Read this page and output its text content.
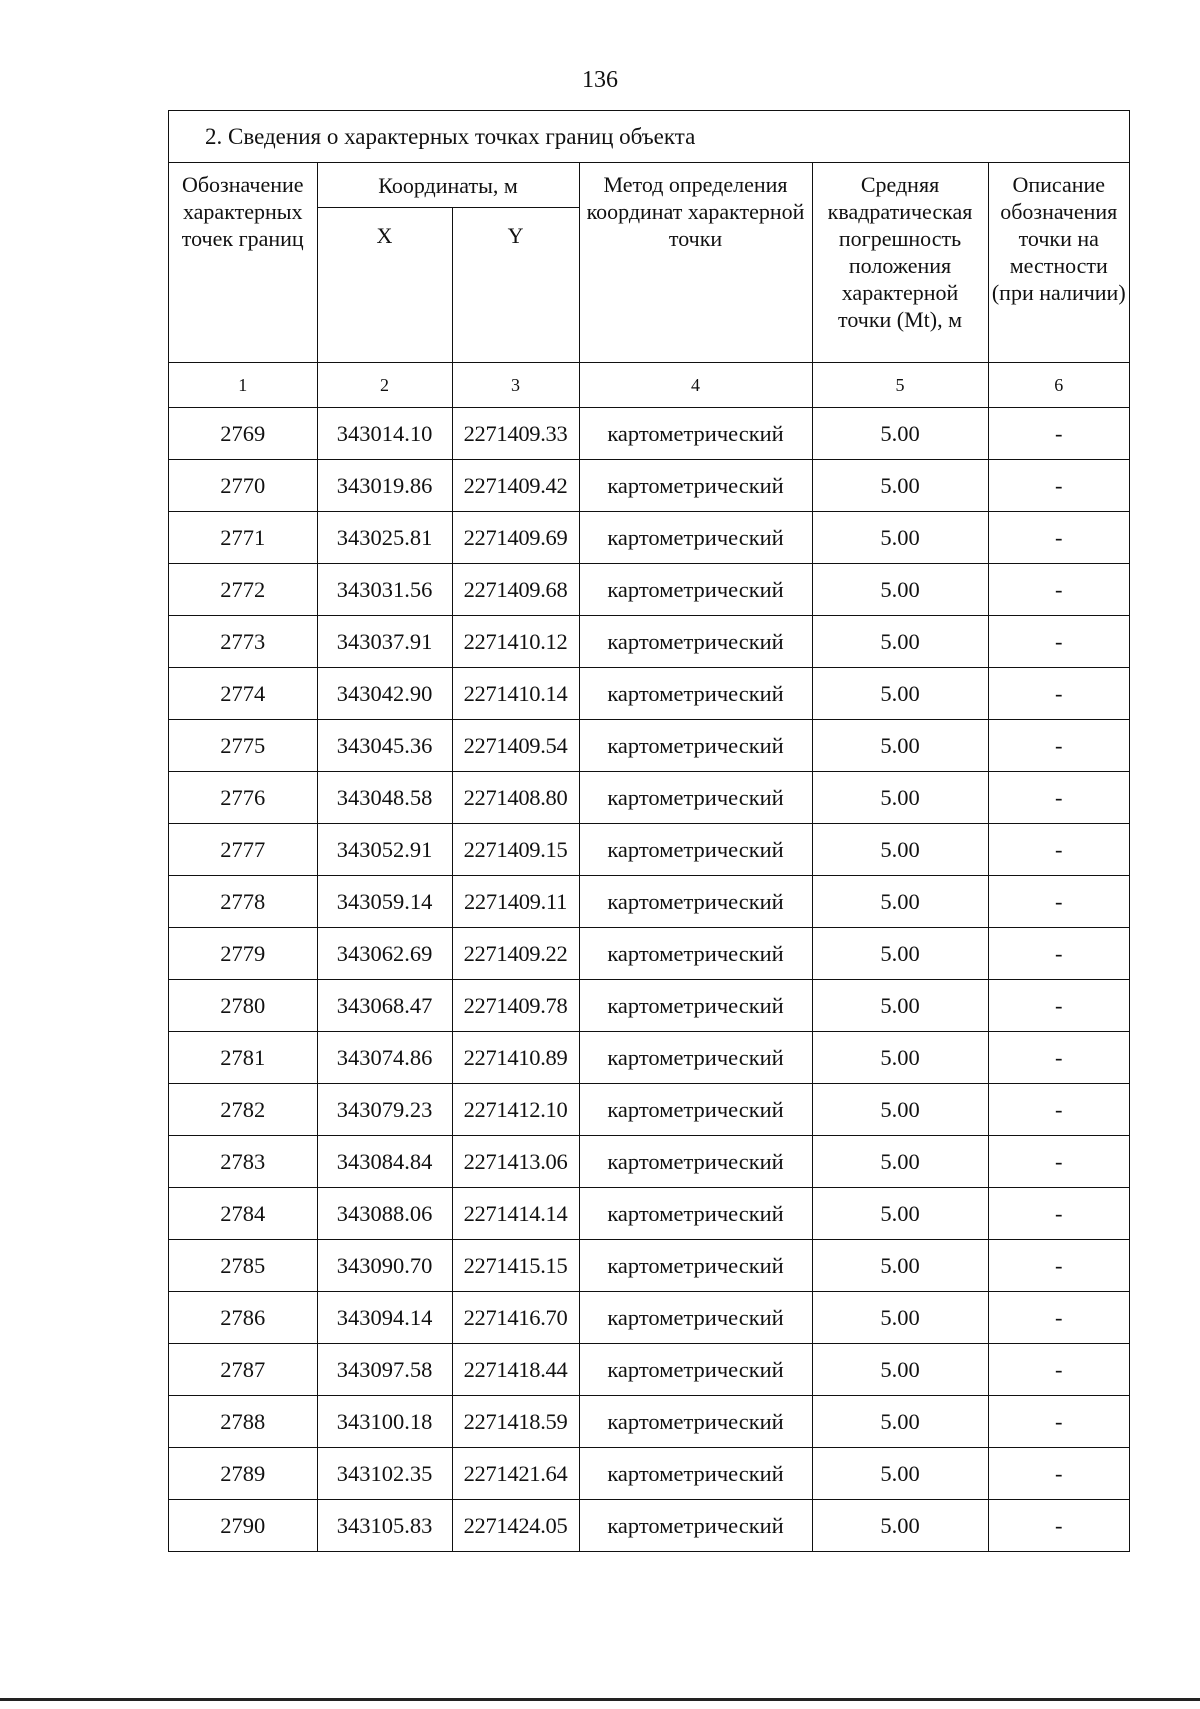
136
2. Сведения о характерных точках границ объекта
Обозначение характерных точек границ	Координаты, м		Метод определения координат характерной точки	Средняя квадратическая погрешность положения характерной точки (Mt), м	Описание обозначения точки на местности (при наличии)
	X	Y			
1	2	3	4	5	6
2769	343014.10	2271409.33	картометрический	5.00	-
2770	343019.86	2271409.42	картометрический	5.00	-
2771	343025.81	2271409.69	картометрический	5.00	-
2772	343031.56	2271409.68	картометрический	5.00	-
2773	343037.91	2271410.12	картометрический	5.00	-
2774	343042.90	2271410.14	картометрический	5.00	-
2775	343045.36	2271409.54	картометрический	5.00	-
2776	343048.58	2271408.80	картометрический	5.00	-
2777	343052.91	2271409.15	картометрический	5.00	-
2778	343059.14	2271409.11	картометрический	5.00	-
2779	343062.69	2271409.22	картометрический	5.00	-
2780	343068.47	2271409.78	картометрический	5.00	-
2781	343074.86	2271410.89	картометрический	5.00	-
2782	343079.23	2271412.10	картометрический	5.00	-
2783	343084.84	2271413.06	картометрический	5.00	-
2784	343088.06	2271414.14	картометрический	5.00	-
2785	343090.70	2271415.15	картометрический	5.00	-
2786	343094.14	2271416.70	картометрический	5.00	-
2787	343097.58	2271418.44	картометрический	5.00	-
2788	343100.18	2271418.59	картометрический	5.00	-
2789	343102.35	2271421.64	картометрический	5.00	-
2790	343105.83	2271424.05	картометрический	5.00	-
